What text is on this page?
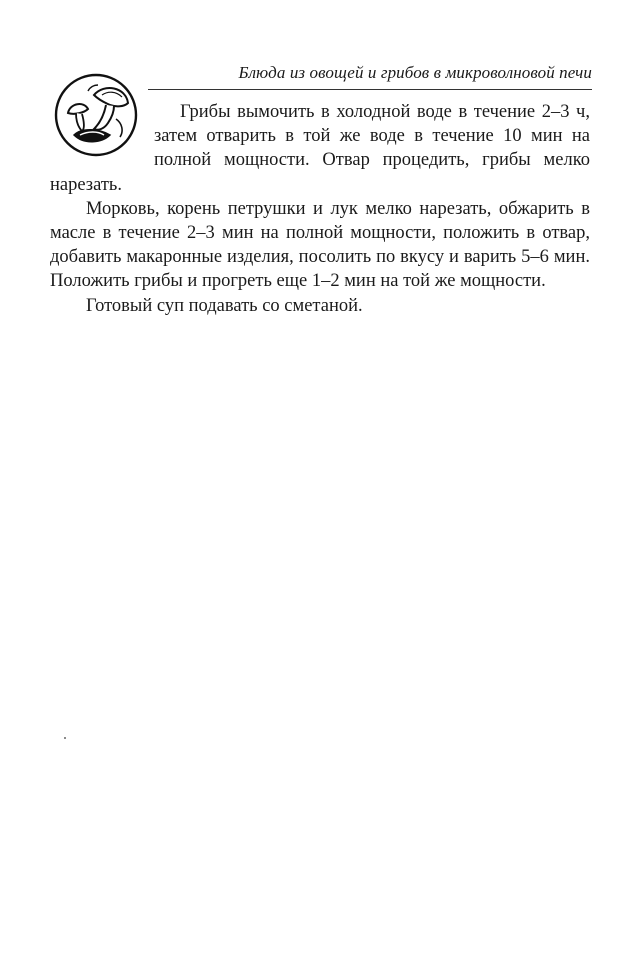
Блюда из овощей и грибов в микроволновой печи

Грибы вымочить в холодной воде в течение 2–3 ч, затем отварить в той же воде в течение 10 мин на полной мощности. Отвар процедить, грибы мелко нарезать.

Морковь, корень петрушки и лук мелко нарезать, обжарить в масле в течение 2–3 мин на полной мощности, положить в отвар, добавить макаронные изделия, посолить по вкусу и варить 5–6 мин. Положить грибы и прогреть еще 1–2 мин на той же мощности.

Готовый суп подавать со сметаной.
